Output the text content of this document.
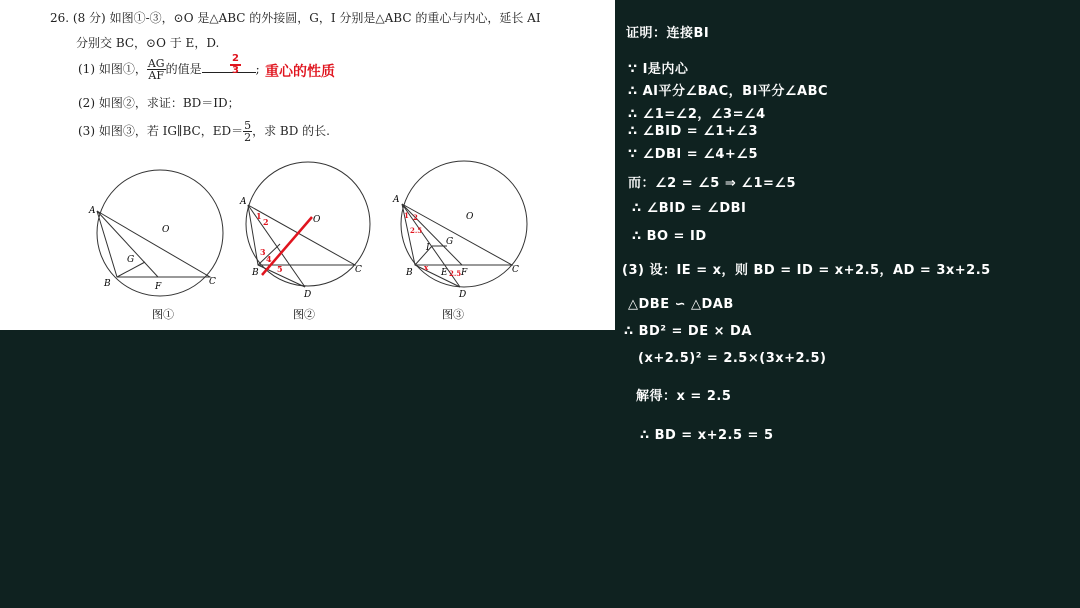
26. (8 分) 如图①-③，⊙O 是△ABC 的外接圆，G，I 分别是△ABC 的重心与内心，延长 AI
分别交 BC，⊙O 于 E，D.
(1) 如图①， $\frac{AG}{AF}$ 的值是	;
$\frac{2}{3}$ 重心的性质
(2) 如图②，求证：BD＝ID；
(3) 如图③，若 IG∥BC，$ED= \frac{5}{2}$ ，求 BD 的长.
A
B	C
O
G
F
图①
A
B	C
O
D
1
2
3
4
5
图②
A
B	C
O
G
I
E F
D
1 2
2.5
x
2.5
图③
证明：连接BI
∵ I是内心
∴ AI平分∠BAC，BI平分∠ABC
∴ ∠1=∠2，∠3=∠4
∴ ∠BID = ∠1+∠3
∵ ∠DBI = ∠4+∠5
而：∠2 = ∠5 ⇒ ∠1=∠5
∴ ∠BID = ∠DBI
∴ BO = ID
(3) 设：IE = x，则 BD = ID = x+2.5，AD = 3x+2.5
△DBE ∽ △DAB
∴ BD² = DE × DA
(x+2.5)² = 2.5×(3x+2.5)
解得：x = 2.5
∴ BD = x+2.5 = 5
